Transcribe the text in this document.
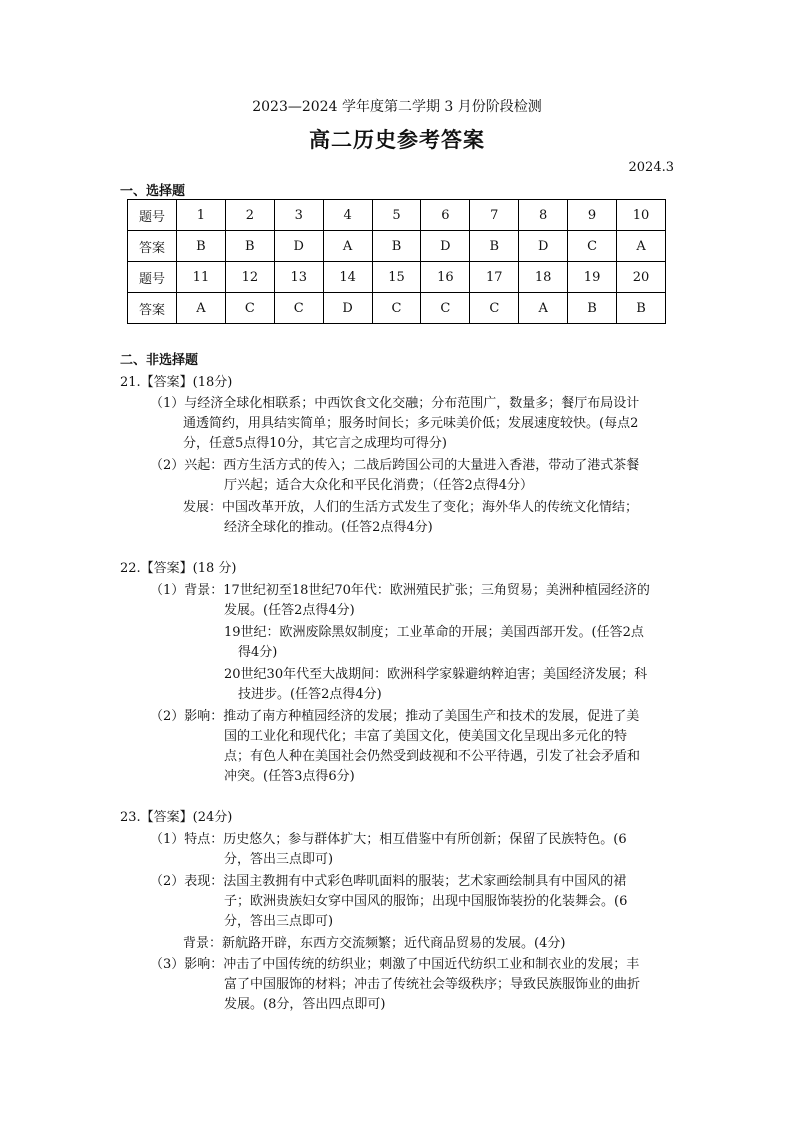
2023—2024 学年度第二学期 3 月份阶段检测
高二历史参考答案
2024.3
一、选择题
题号	1	2	3	4	5	6	7	8	9	10
答案	B	B	D	A	B	D	B	D	C	A
题号	11	12	13	14	15	16	17	18	19	20
答案	A	C	C	D	C	C	C	A	B	B
二、非选择题
21.【答案】(18分)
（1）与经济全球化相联系；中西饮食文化交融；分布范围广，数量多；餐厅布局设计
通透简约，用具结实简单；服务时间长；多元味美价低；发展速度较快。(每点2
分，任意5点得10分，其它言之成理均可得分)
（2）兴起：西方生活方式的传入；二战后跨国公司的大量进入香港，带动了港式茶餐
厅兴起；适合大众化和平民化消费；（任答2点得4分）
发展：中国改革开放，人们的生活方式发生了变化；海外华人的传统文化情结；
经济全球化的推动。(任答2点得4分)
22.【答案】(18 分)
（1）背景：17世纪初至18世纪70年代：欧洲殖民扩张；三角贸易；美洲种植园经济的
发展。(任答2点得4分)
19世纪：欧洲废除黑奴制度；工业革命的开展；美国西部开发。(任答2点
得4分)
20世纪30年代至大战期间：欧洲科学家躲避纳粹迫害；美国经济发展；科
技进步。(任答2点得4分)
（2）影响：推动了南方种植园经济的发展；推动了美国生产和技术的发展，促进了美
国的工业化和现代化；丰富了美国文化，使美国文化呈现出多元化的特
点；有色人种在美国社会仍然受到歧视和不公平待遇，引发了社会矛盾和
冲突。(任答3点得6分)
23.【答案】(24分)
（1）特点：历史悠久；参与群体扩大；相互借鉴中有所创新；保留了民族特色。(6
分，答出三点即可)
（2）表现：法国主教拥有中式彩色哔叽面料的服装；艺术家画绘制具有中国风的裙
子；欧洲贵族妇女穿中国风的服饰；出现中国服饰装扮的化装舞会。(6
分，答出三点即可)
背景：新航路开辟，东西方交流频繁；近代商品贸易的发展。(4分)
（3）影响：冲击了中国传统的纺织业；刺激了中国近代纺织工业和制衣业的发展；丰
富了中国服饰的材料；冲击了传统社会等级秩序；导致民族服饰业的曲折
发展。(8分，答出四点即可)
